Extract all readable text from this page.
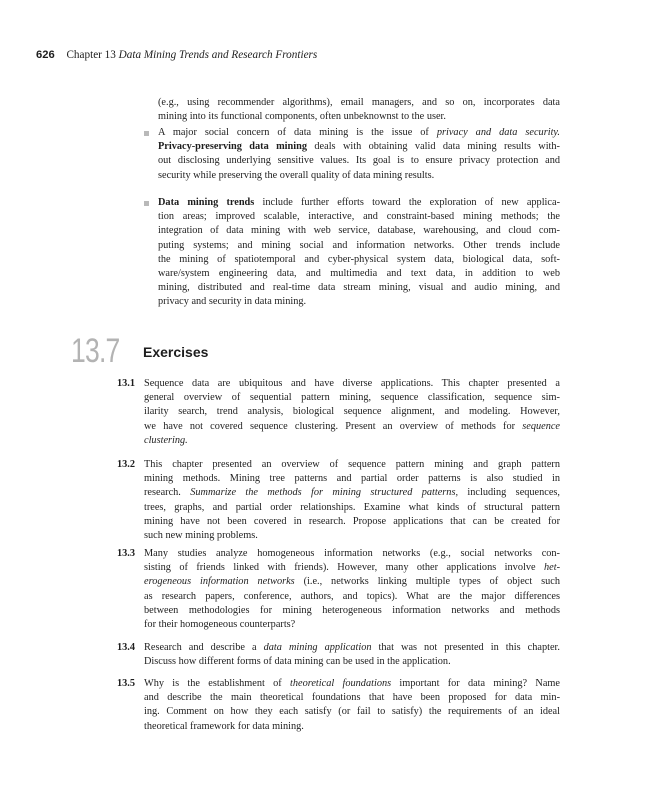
626 Chapter 13 Data Mining Trends and Research Frontiers
(e.g., using recommender algorithms), email managers, and so on, incorporates data
mining into its functional components, often unbeknownst to the user.
A major social concern of data mining is the issue of privacy and data security.
Privacy-preserving data mining deals with obtaining valid data mining results with-
out disclosing underlying sensitive values. Its goal is to ensure privacy protection and
security while preserving the overall quality of data mining results.
Data mining trends include further efforts toward the exploration of new applica-
tion areas; improved scalable, interactive, and constraint-based mining methods; the
integration of data mining with web service, database, warehousing, and cloud com-
puting systems; and mining social and information networks. Other trends include
the mining of spatiotemporal and cyber-physical system data, biological data, soft-
ware/system engineering data, and multimedia and text data, in addition to web
mining, distributed and real-time data stream mining, visual and audio mining, and
privacy and security in data mining.
13.7 Exercises
13.1 Sequence data are ubiquitous and have diverse applications. This chapter presented a
general overview of sequential pattern mining, sequence classification, sequence sim-
ilarity search, trend analysis, biological sequence alignment, and modeling. However,
we have not covered sequence clustering. Present an overview of methods for sequence
clustering.
13.2 This chapter presented an overview of sequence pattern mining and graph pattern
mining methods. Mining tree patterns and partial order patterns is also studied in
research. Summarize the methods for mining structured patterns, including sequences,
trees, graphs, and partial order relationships. Examine what kinds of structural pattern
mining have not been covered in research. Propose applications that can be created for
such new mining problems.
13.3 Many studies analyze homogeneous information networks (e.g., social networks con-
sisting of friends linked with friends). However, many other applications involve het-
erogeneous information networks (i.e., networks linking multiple types of object such
as research papers, conference, authors, and topics). What are the major differences
between methodologies for mining heterogeneous information networks and methods
for their homogeneous counterparts?
13.4 Research and describe a data mining application that was not presented in this chapter.
Discuss how different forms of data mining can be used in the application.
13.5 Why is the establishment of theoretical foundations important for data mining? Name
and describe the main theoretical foundations that have been proposed for data min-
ing. Comment on how they each satisfy (or fail to satisfy) the requirements of an ideal
theoretical framework for data mining.
